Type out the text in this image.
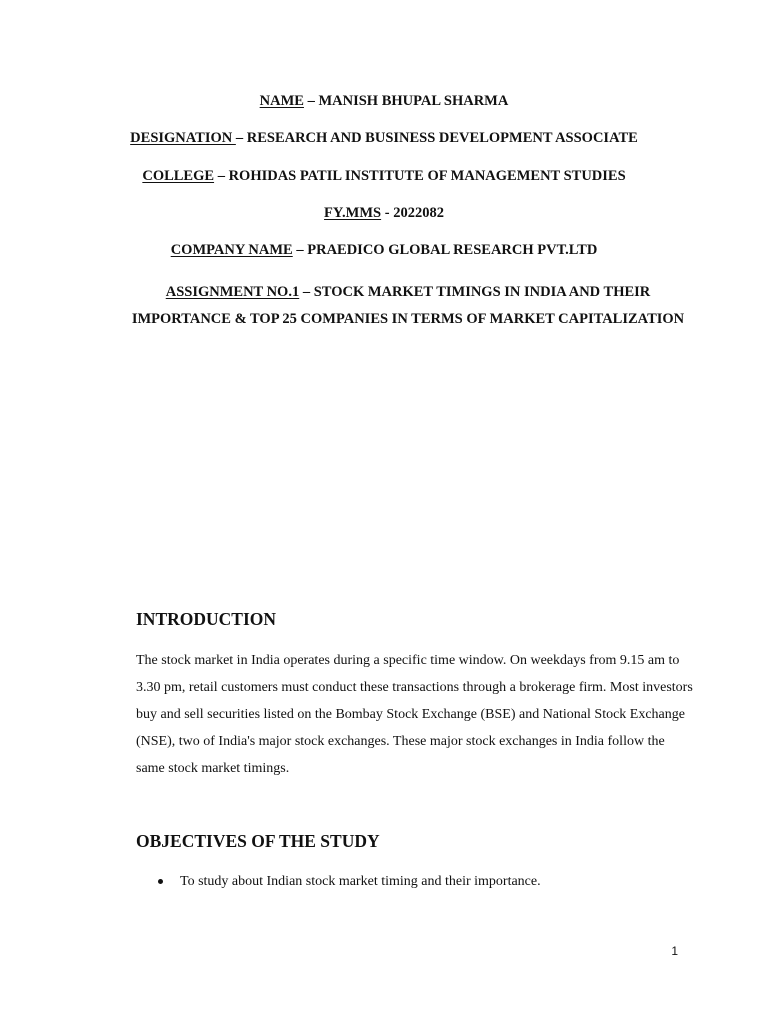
NAME – MANISH BHUPAL SHARMA
DESIGNATION – RESEARCH AND BUSINESS DEVELOPMENT ASSOCIATE
COLLEGE – ROHIDAS PATIL INSTITUTE OF MANAGEMENT STUDIES
FY.MMS - 2022082
COMPANY NAME – PRAEDICO GLOBAL RESEARCH PVT.LTD
ASSIGNMENT NO.1 – STOCK MARKET TIMINGS IN INDIA AND THEIR IMPORTANCE & TOP 25 COMPANIES IN TERMS OF MARKET CAPITALIZATION
INTRODUCTION

The stock market in India operates during a specific time window. On weekdays from 9.15 am to 3.30 pm, retail customers must conduct these transactions through a brokerage firm. Most investors buy and sell securities listed on the Bombay Stock Exchange (BSE) and National Stock Exchange (NSE), two of India's major stock exchanges. These major stock exchanges in India follow the same stock market timings.

OBJECTIVES OF THE STUDY
To study about Indian stock market timing and their importance.
1
